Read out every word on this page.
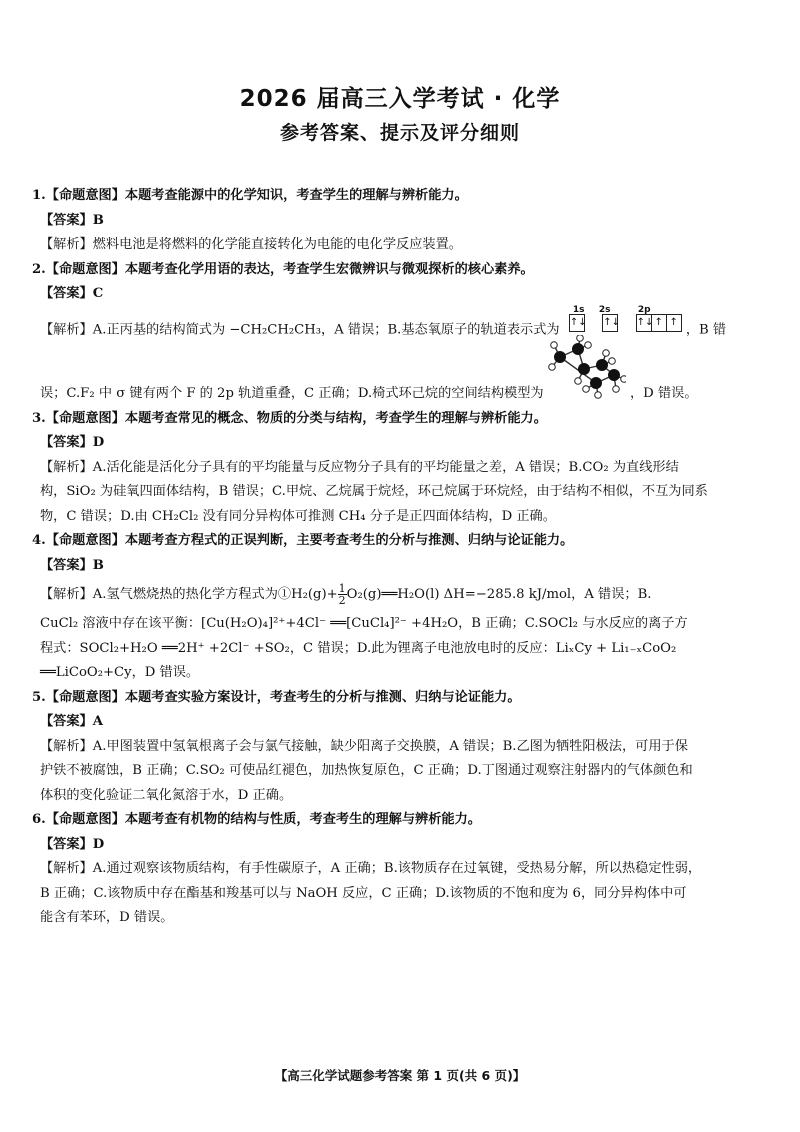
2026 届高三入学考试 · 化学
参考答案、提示及评分细则
1.【命题意图】本题考查能源中的化学知识，考查学生的理解与辨析能力。
【答案】B
【解析】燃料电池是将燃料的化学能直接转化为电能的电化学反应装置。
2.【命题意图】本题考查化学用语的表达，考查学生宏微辨识与微观探析的核心素养。
【答案】C
【解析】A.正丙基的结构简式为 −CH₂CH₂CH₃，A 错误；B.基态氧原子的轨道表示式为
1s 2s	2p
↑↓ ↑↓ ↑↓↑ ↑ ，B 错
误；C.F₂ 中 σ 键有两个 F 的 2p 轨道重叠，C 正确；D.椅式环己烷的空间结构模型为	，D 错误。
3.【命题意图】本题考查常见的概念、物质的分类与结构，考查学生的理解与辨析能力。
【答案】D
【解析】A.活化能是活化分子具有的平均能量与反应物分子具有的平均能量之差，A 错误；B.CO₂ 为直线形结
构，SiO₂ 为硅氧四面体结构，B 错误；C.甲烷、乙烷属于烷烃，环己烷属于环烷烃，由于结构不相似，不互为同系
物，C 错误；D.由 CH₂Cl₂ 没有同分异构体可推测 CH₄ 分子是正四面体结构，D 正确。
4.【命题意图】本题考查方程式的正误判断，主要考查考生的分析与推测、归纳与论证能力。
【答案】B
【解析】A.氢气燃烧热的热化学方程式为①H₂(g)+ $\frac{1}{2}$ O₂(g)══H₂O(l) ΔH=−285.8 kJ/mol，A 错误；B.
CuCl₂ 溶液中存在该平衡：[Cu(H₂O)₄]²⁺+4Cl⁻ ══[CuCl₄]²⁻ +4H₂O，B 正确；C.SOCl₂ 与水反应的离子方
程式：SOCl₂+H₂O ══2H⁺ +2Cl⁻ +SO₂，C 错误；D.此为锂离子电池放电时的反应：LiₓCy + Li₁₋ₓCoO₂
══LiCoO₂+Cy，D 错误。
5.【命题意图】本题考查实验方案设计，考查考生的分析与推测、归纳与论证能力。
【答案】A
【解析】A.甲图装置中氢氧根离子会与氯气接触，缺少阳离子交换膜，A 错误；B.乙图为牺牲阳极法，可用于保
护铁不被腐蚀，B 正确；C.SO₂ 可使品红褪色，加热恢复原色，C 正确；D.丁图通过观察注射器内的气体颜色和
体积的变化验证二氧化氮溶于水，D 正确。
6.【命题意图】本题考查有机物的结构与性质，考查考生的理解与辨析能力。
【答案】D
【解析】A.通过观察该物质结构，有手性碳原子，A 正确；B.该物质存在过氧键，受热易分解，所以热稳定性弱，
B 正确；C.该物质中存在酯基和羧基可以与 NaOH 反应，C 正确；D.该物质的不饱和度为 6，同分异构体中可
能含有苯环，D 错误。
【高三化学试题参考答案 第 1 页(共 6 页)】
